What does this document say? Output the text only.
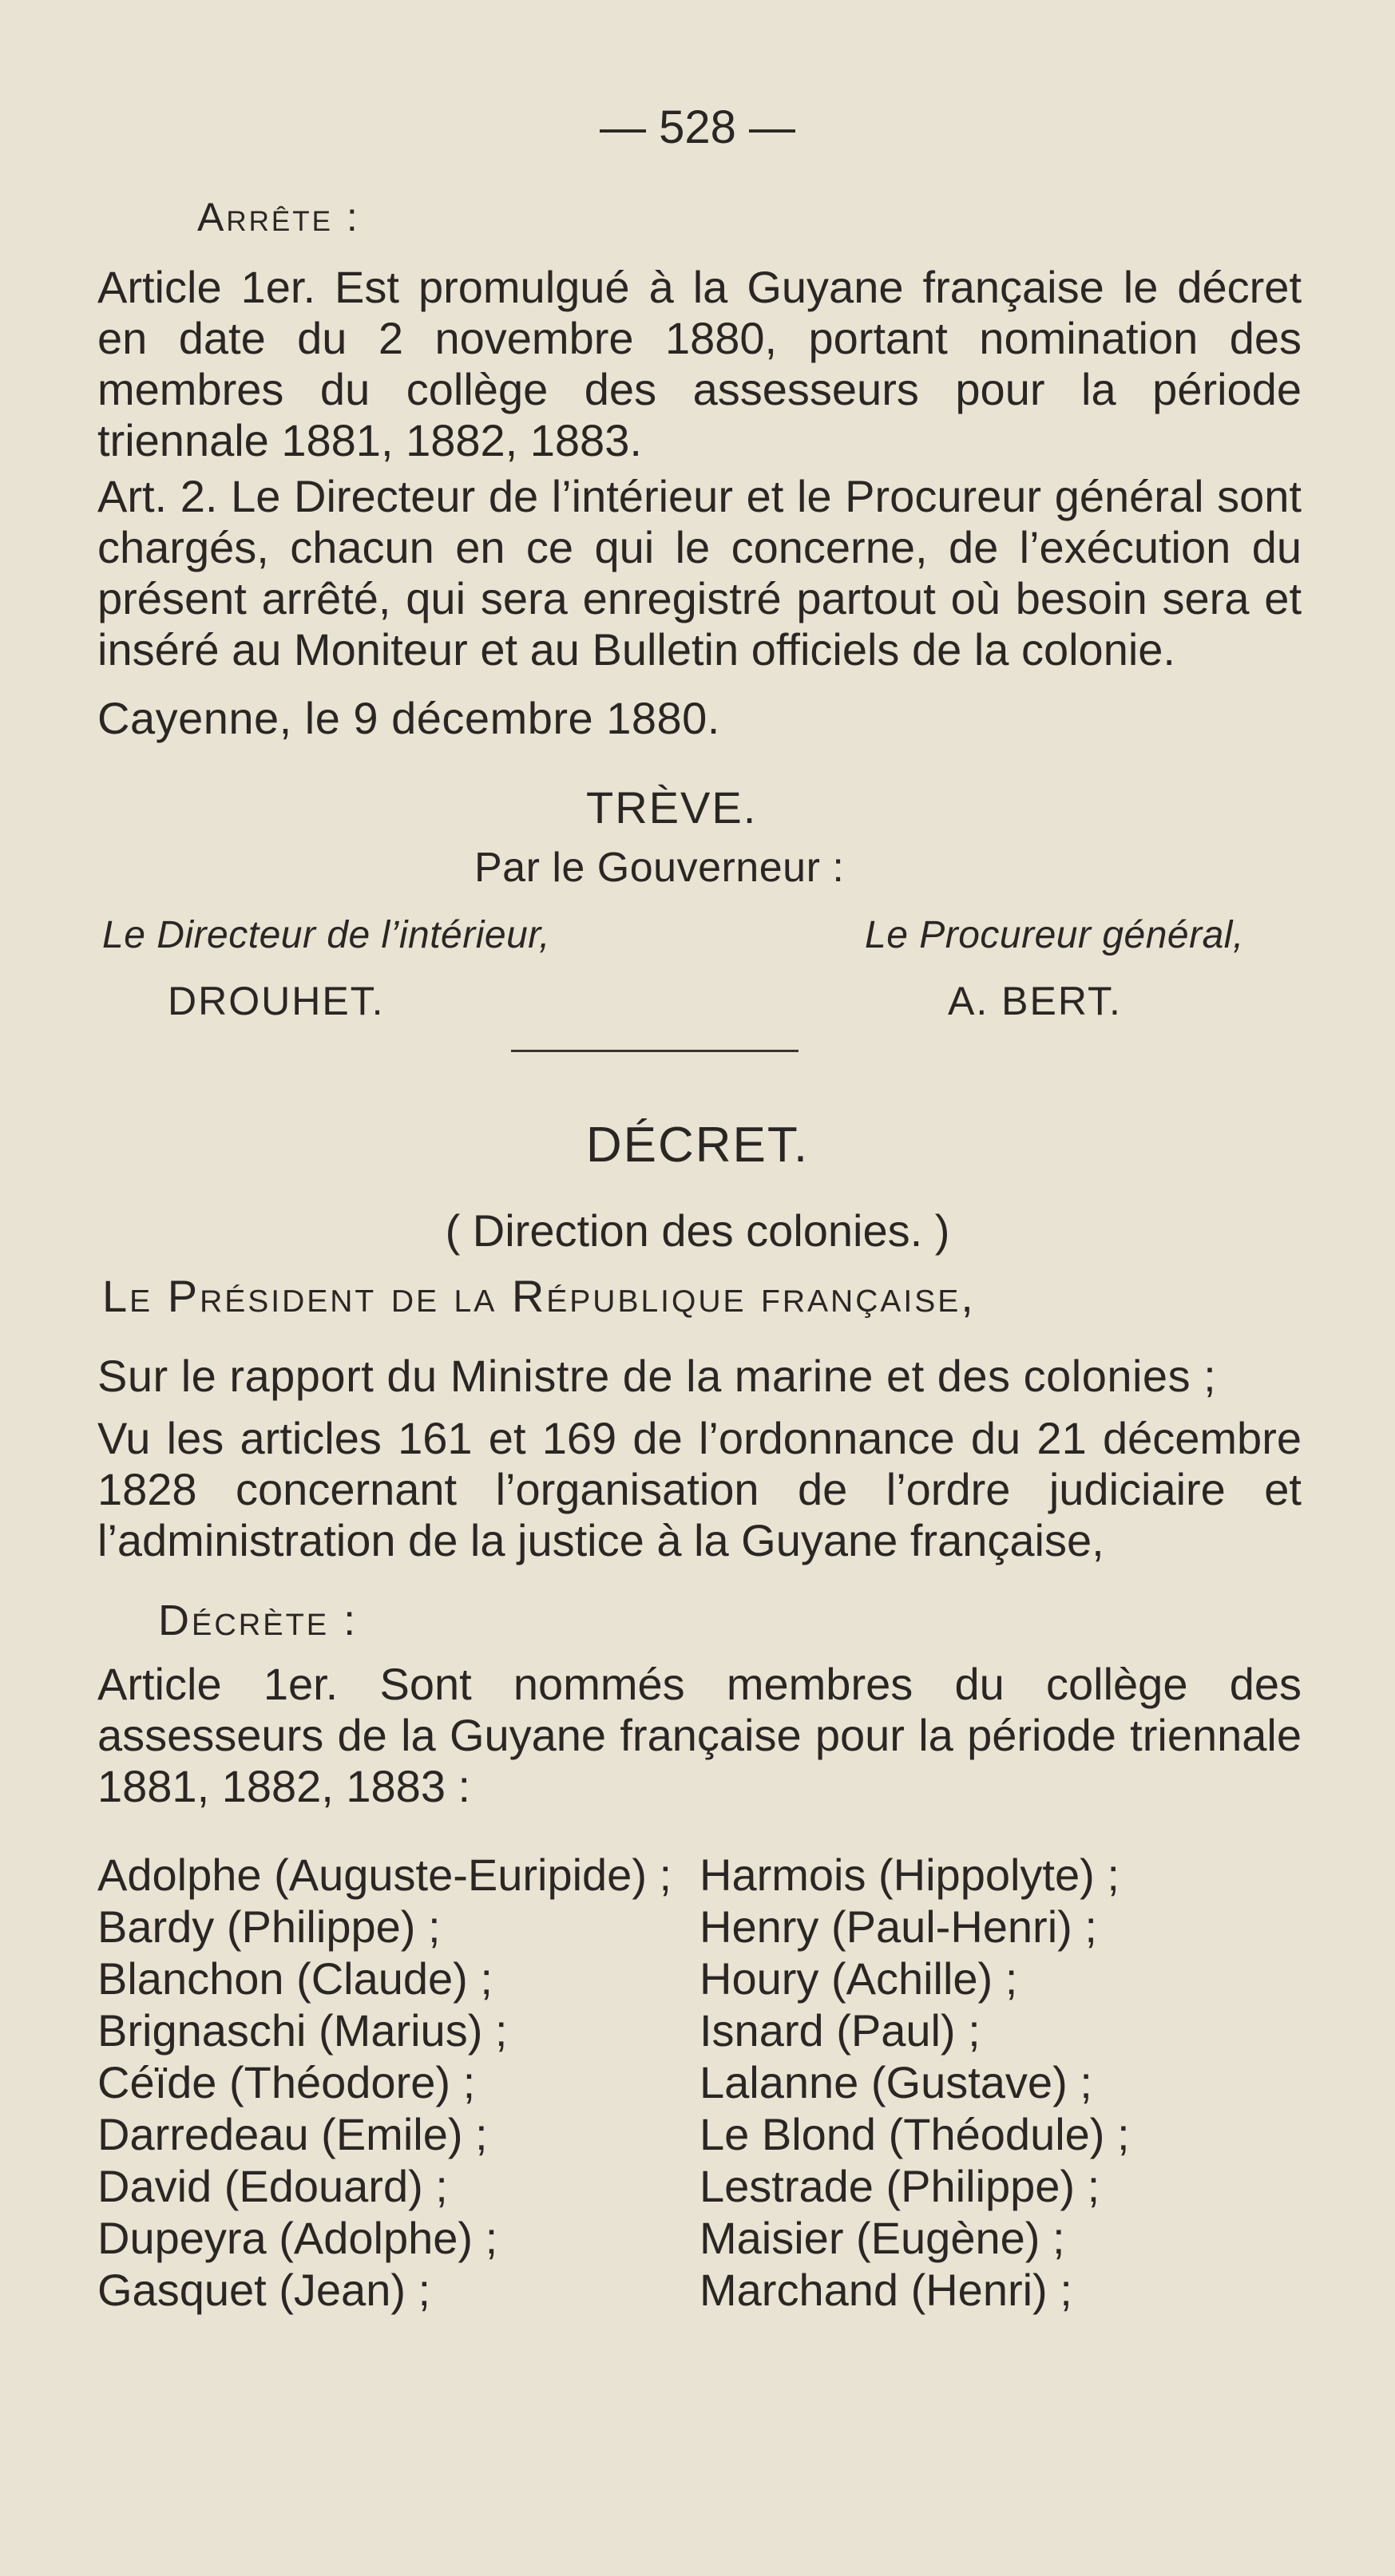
— 528 —
Arrête :
Article 1er. Est promulgué à la Guyane française le décret en date du 2 novembre 1880, portant nomination des membres du collège des assesseurs pour la période triennale 1881, 1882, 1883.
Art. 2. Le Directeur de l’intérieur et le Procureur général sont chargés, chacun en ce qui le concerne, de l’exécution du présent arrêté, qui sera enregistré partout où besoin sera et inséré au Moniteur et au Bulletin officiels de la colonie.
Cayenne, le 9 décembre 1880.
TRÈVE.
Par le Gouverneur :
Le Directeur de l’intérieur,	Le Procureur général,
DROUHET.	A. BERT.
DÉCRET.
( Direction des colonies. )
Le Président de la République française,
Sur le rapport du Ministre de la marine et des colonies ;
Vu les articles 161 et 169 de l’ordonnance du 21 décembre 1828 concernant l’organisation de l’ordre judiciaire et l’administration de la justice à la Guyane française,
Décrète :
Article 1er. Sont nommés membres du collège des assesseurs de la Guyane française pour la période triennale 1881, 1882, 1883 :
Adolphe (Auguste-Euripide) ;
Bardy (Philippe) ;
Blanchon (Claude) ;
Brignaschi (Marius) ;
Céïde (Théodore) ;
Darredeau (Emile) ;
David (Edouard) ;
Dupeyra (Adolphe) ;
Gasquet (Jean) ;
Harmois (Hippolyte) ;
Henry (Paul-Henri) ;
Houry (Achille) ;
Isnard (Paul) ;
Lalanne (Gustave) ;
Le Blond (Théodule) ;
Lestrade (Philippe) ;
Maisier (Eugène) ;
Marchand (Henri) ;
